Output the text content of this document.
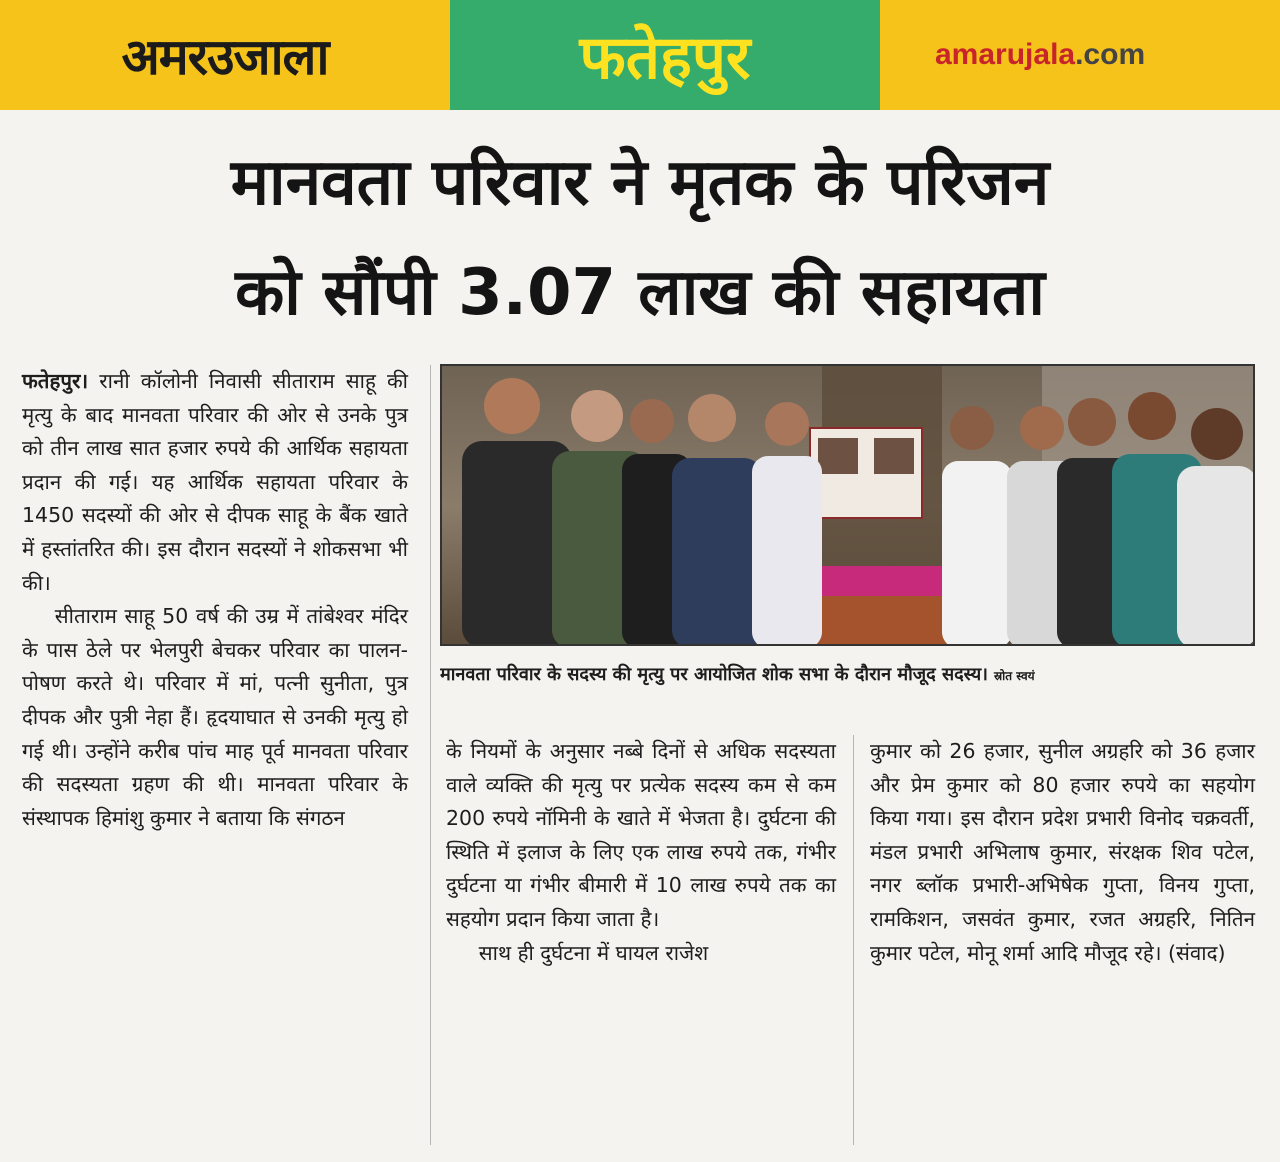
अमरउजाला	फतेहपुर	amarujala.com
मानवता परिवार ने मृतक के परिजन
को सौंपी 3.07 लाख की सहायता

फतेहपुर। रानी कॉलोनी निवासी सीताराम साहू की मृत्यु के बाद मानवता परिवार की ओर से उनके पुत्र को तीन लाख सात हजार रुपये की आर्थिक सहायता प्रदान की गई। यह आर्थिक सहायता परिवार के 1450 सदस्यों की ओर से दीपक साहू के बैंक खाते में हस्तांतरित की। इस दौरान सदस्यों ने शोकसभा भी की।

सीताराम साहू 50 वर्ष की उम्र में तांबेश्वर मंदिर के पास ठेले पर भेलपुरी बेचकर परिवार का पालन-पोषण करते थे। परिवार में मां, पत्नी सुनीता, पुत्र दीपक और पुत्री नेहा हैं। हृदयाघात से उनकी मृत्यु हो गई थी। उन्होंने करीब पांच माह पूर्व मानवता परिवार की सदस्यता ग्रहण की थी। मानवता परिवार के संस्थापक हिमांशु कुमार ने बताया कि संगठन

मानवता परिवार के सदस्य की मृत्यु पर आयोजित शोक सभा के दौरान मौजूद सदस्य। स्रोत स्वयं

के नियमों के अनुसार नब्बे दिनों से अधिक सदस्यता वाले व्यक्ति की मृत्यु पर प्रत्येक सदस्य कम से कम 200 रुपये नॉमिनी के खाते में भेजता है। दुर्घटना की स्थिति में इलाज के लिए एक लाख रुपये तक, गंभीर दुर्घटना या गंभीर बीमारी में 10 लाख रुपये तक का सहयोग प्रदान किया जाता है।

साथ ही दुर्घटना में घायल राजेश

कुमार को 26 हजार, सुनील अग्रहरि को 36 हजार और प्रेम कुमार को 80 हजार रुपये का सहयोग किया गया। इस दौरान प्रदेश प्रभारी विनोद चक्रवर्ती, मंडल प्रभारी अभिलाष कुमार, संरक्षक शिव पटेल, नगर ब्लॉक प्रभारी-अभिषेक गुप्ता, विनय गुप्ता, रामकिशन, जसवंत कुमार, रजत अग्रहरि, नितिन कुमार पटेल, मोनू शर्मा आदि मौजूद रहे। (संवाद)
